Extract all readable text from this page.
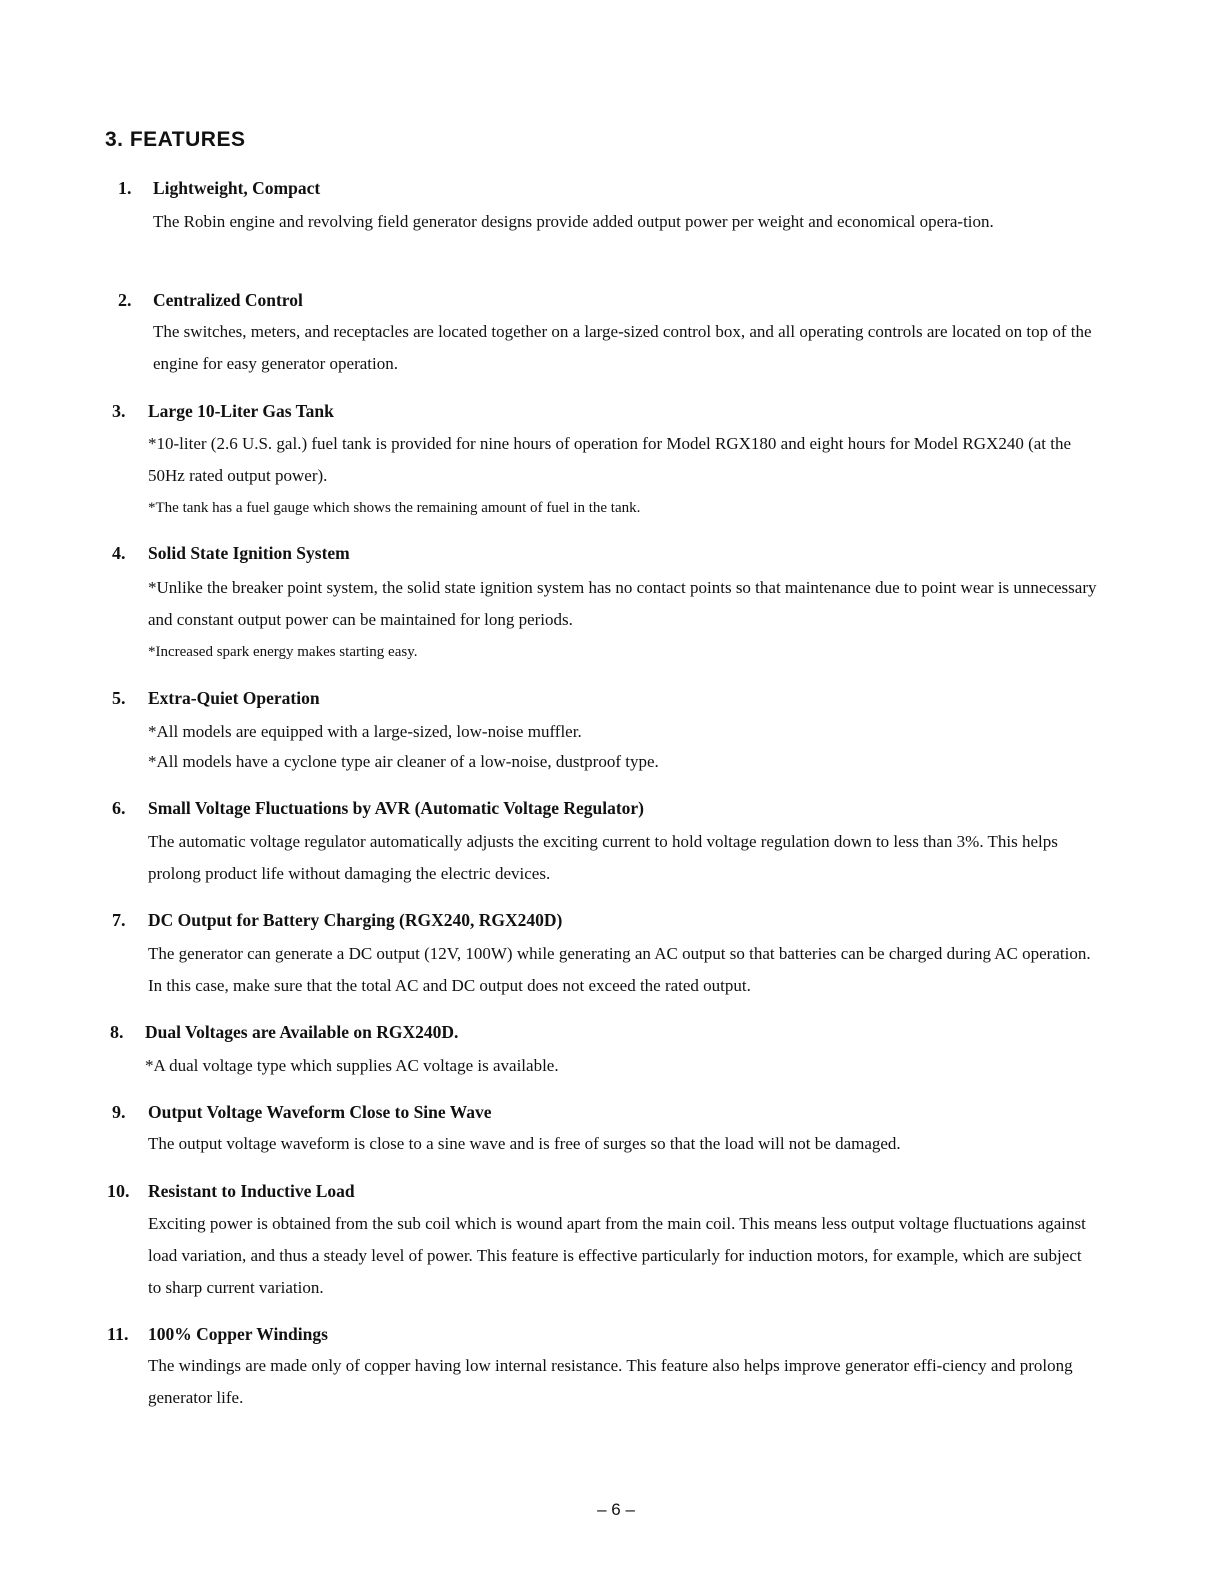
3. FEATURES
1.	Lightweight, Compact
The Robin engine and revolving field generator designs provide added output power per weight and economical opera-tion.
2.	Centralized Control
The switches, meters, and receptacles are located together on a large-sized control box, and all operating controls are located on top of the engine for easy generator operation.
3.	Large 10-Liter Gas Tank
*10-liter (2.6 U.S. gal.) fuel tank is provided for nine hours of operation for Model RGX180 and eight hours for Model RGX240 (at the 50Hz rated output power).
*The tank has a fuel gauge which shows the remaining amount of fuel in the tank.
4.	Solid State Ignition System
*Unlike the breaker point system, the solid state ignition system has no contact points so that maintenance due to point wear is unnecessary and constant output power can be maintained for long periods.
*Increased spark energy makes starting easy.
5.	Extra-Quiet Operation
*All models are equipped with a large-sized, low-noise muffler.
*All models have a cyclone type air cleaner of a low-noise, dustproof type.
6.	Small Voltage Fluctuations by AVR (Automatic Voltage Regulator)
The automatic voltage regulator automatically adjusts the exciting current to hold voltage regulation down to less than 3%. This helps prolong product life without damaging the electric devices.
7.	DC Output for Battery Charging (RGX240, RGX240D)
The generator can generate a DC output (12V, 100W) while generating an AC output so that batteries can be charged during AC operation. In this case, make sure that the total AC and DC output does not exceed the rated output.
8.	Dual Voltages are Available on RGX240D.
*A dual voltage type which supplies AC voltage is available.
9.	Output Voltage Waveform Close to Sine Wave
The output voltage waveform is close to a sine wave and is free of surges so that the load will not be damaged.
10.	Resistant to Inductive Load
Exciting power is obtained from the sub coil which is wound apart from the main coil. This means less output voltage fluctuations against load variation, and thus a steady level of power. This feature is effective particularly for induction motors, for example, which are subject to sharp current variation.
11.	100% Copper Windings
The windings are made only of copper having low internal resistance. This feature also helps improve generator effi-ciency and prolong generator life.
– 6 –
